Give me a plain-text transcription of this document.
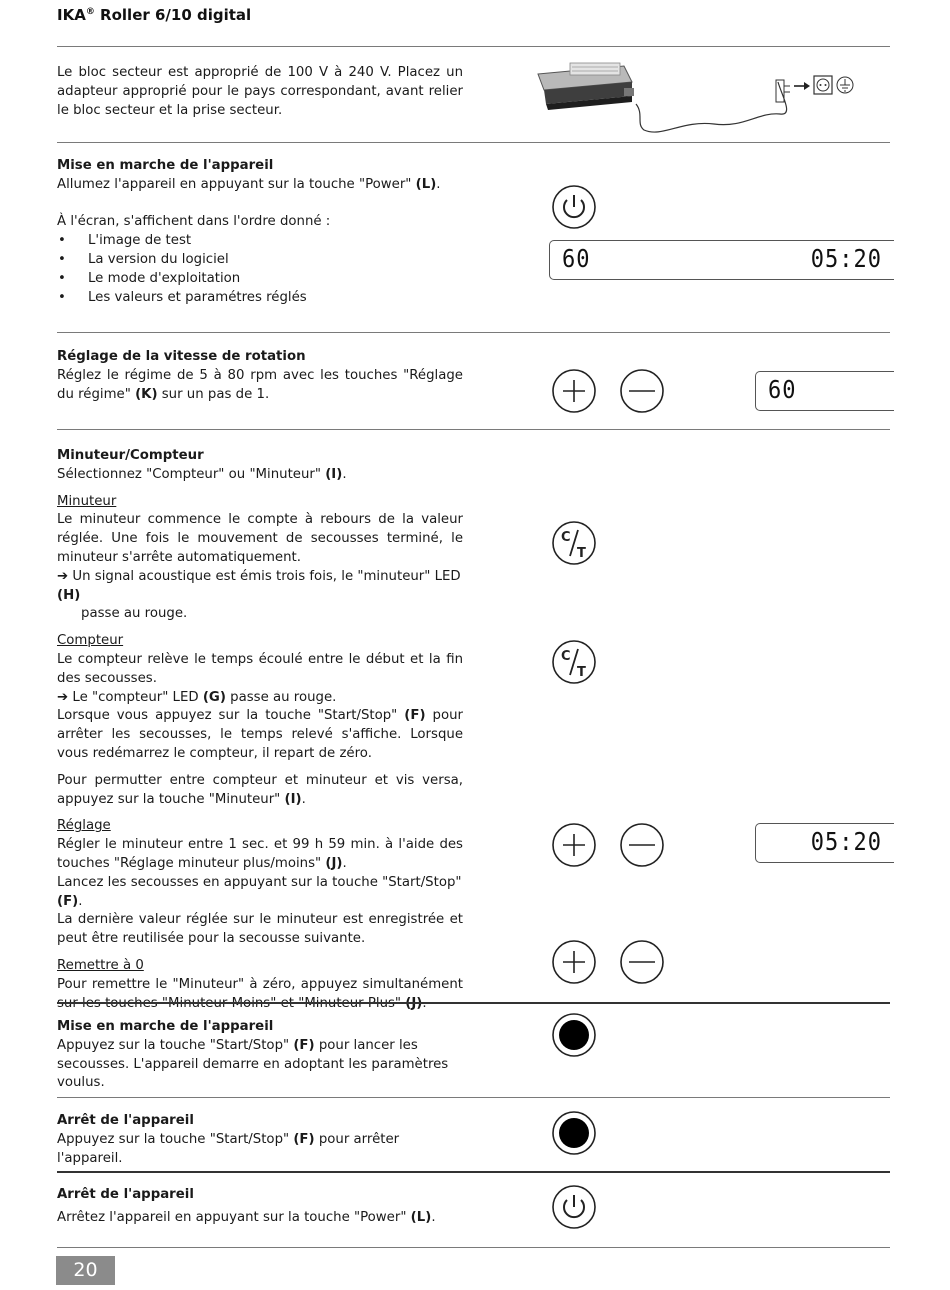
IKA® Roller 6/10 digital
Le bloc secteur est approprié de 100 V à 240 V. Placez un adapteur approprié pour le pays correspondant, avant relier le bloc secteur et la prise secteur.
Mise en marche de l'appareil
Allumez l'appareil en appuyant sur la touche "Power" (L).
À l'écran, s'affichent dans l'ordre donné :
• L'image de test
• La version du logiciel
• Le mode d'exploitation
• Les valeurs et paramétres réglés
60	05:20
Réglage de la vitesse de rotation
Réglez le régime de 5 à 80 rpm avec les touches "Réglage du régime" (K) sur un pas de 1.	60
Minuteur/Compteur
Sélectionnez "Compteur" ou "Minuteur" (I).
Minuteur
Le minuteur commence le compte à rebours de la valeur réglée. Une fois le mouvement de secousses terminé, le minuteur s'arrête automatiquement.
➔ Un signal acoustique est émis trois fois, le "minuteur" LED (H)
passe au rouge.
Compteur
Le compteur relève le temps écoulé entre le début et la fin des secousses.
➔ Le "compteur" LED (G) passe au rouge.
Lorsque vous appuyez sur la touche "Start/Stop" (F) pour arrêter les secousses, le temps relevé s'affiche. Lorsque vous redémarrez le compteur, il repart de zéro.
Pour permutter entre compteur et minuteur et vis versa, appuyez sur la touche "Minuteur" (I).
Réglage
Régler le minuteur entre 1 sec. et 99 h 59 min. à l'aide des touches "Réglage minuteur plus/moins" (J).
Lancez les secousses en appuyant sur la touche "Start/Stop" (F).
La dernière valeur réglée sur le minuteur est enregistrée et peut être reutilisée pour la secousse suivante.
Remettre à 0
Pour remettre le "Minuteur" à zéro, appuyez simultanément
C
T
C
T
05:20
Mise en marche de l'appareil
Appuyez sur la touche "Start/Stop" (F) pour lancer les secousses. L'appareil demarre en adoptant les paramètres voulus.
Arrêt de l'appareil
Appuyez sur la touche "Start/Stop" (F) pour arrêter l'appareil.
Arrêt de l'appareil
Arrêtez l'appareil en appuyant sur la touche "Power" (L).
20
